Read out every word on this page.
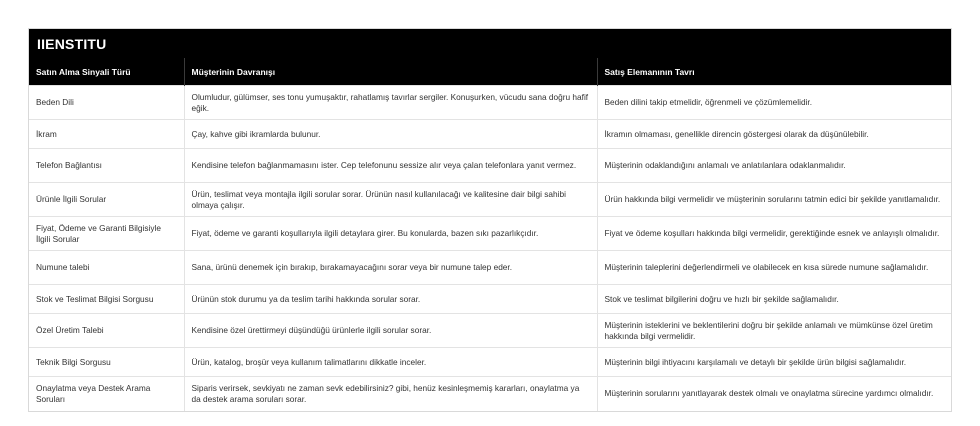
IIENSTITU
Satın Alma Sinyali Türü	Müşterinin Davranışı	Satış Elemanının Tavrı
Beden Dili	Olumludur, gülümser, ses tonu yumuşaktır, rahatlamış tavırlar sergiler. Konuşurken, vücudu sana doğru hafif eğik.	Beden dilini takip etmelidir, öğrenmeli ve çözümlemelidir.
İkram	Çay, kahve gibi ikramlarda bulunur.	İkramın olmaması, genellikle direncin göstergesi olarak da düşünülebilir.
Telefon Bağlantısı	Kendisine telefon bağlanmamasını ister. Cep telefonunu sessize alır veya çalan telefonlara yanıt vermez.	Müşterinin odaklandığını anlamalı ve anlatılanlara odaklanmalıdır.
Ürünle İlgili Sorular	Ürün, teslimat veya montajla ilgili sorular sorar. Ürünün nasıl kullanılacağı ve kalitesine dair bilgi sahibi olmaya çalışır.	Ürün hakkında bilgi vermelidir ve müşterinin sorularını tatmin edici bir şekilde yanıtlamalıdır.
Fiyat, Ödeme ve Garanti Bilgisiyle İlgili Sorular	Fiyat, ödeme ve garanti koşullarıyla ilgili detaylara girer. Bu konularda, bazen sıkı pazarlıkçıdır.	Fiyat ve ödeme koşulları hakkında bilgi vermelidir, gerektiğinde esnek ve anlayışlı olmalıdır.
Numune talebi	Sana, ürünü denemek için bırakıp, bırakamayacağını sorar veya bir numune talep eder.	Müşterinin taleplerini değerlendirmeli ve olabilecek en kısa sürede numune sağlamalıdır.
Stok ve Teslimat Bilgisi Sorgusu	Ürünün stok durumu ya da teslim tarihi hakkında sorular sorar.	Stok ve teslimat bilgilerini doğru ve hızlı bir şekilde sağlamalıdır.
Özel Üretim Talebi	Kendisine özel ürettirmeyi düşündüğü ürünlerle ilgili sorular sorar.	Müşterinin isteklerini ve beklentilerini doğru bir şekilde anlamalı ve mümkünse özel üretim hakkında bilgi vermelidir.
Teknik Bilgi Sorgusu	Ürün, katalog, broşür veya kullanım talimatlarını dikkatle inceler.	Müşterinin bilgi ihtiyacını karşılamalı ve detaylı bir şekilde ürün bilgisi sağlamalıdır.
Onaylatma veya Destek Arama Soruları	Siparis verirsek, sevkiyatı ne zaman sevk edebilirsiniz? gibi, henüz kesinleşmemiş kararları, onaylatma ya da destek arama soruları sorar.	Müşterinin sorularını yanıtlayarak destek olmalı ve onaylatma sürecine yardımcı olmalıdır.
